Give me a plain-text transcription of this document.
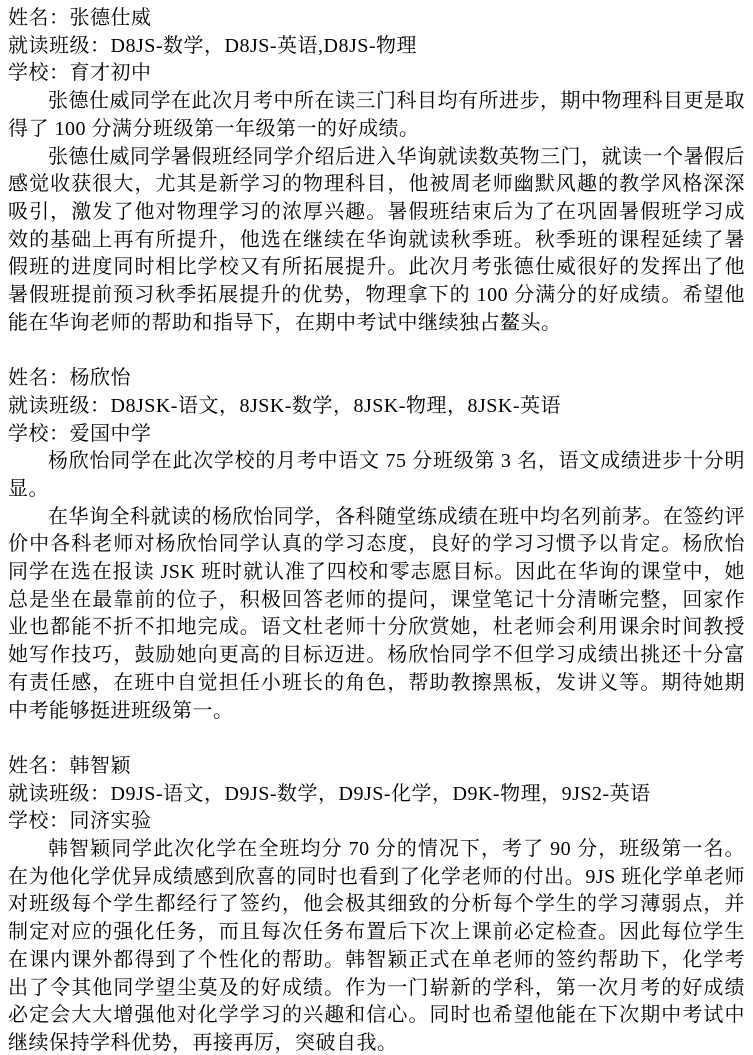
姓名：张德仕威
就读班级：D8JS-数学，D8JS-英语,D8JS-物理
学校：育才初中

张德仕威同学在此次月考中所在读三门科目均有所进步，期中物理科目更是取得了 100 分满分班级第一年级第一的好成绩。

张德仕威同学暑假班经同学介绍后进入华询就读数英物三门，就读一个暑假后感觉收获很大，尤其是新学习的物理科目，他被周老师幽默风趣的教学风格深深吸引，激发了他对物理学习的浓厚兴趣。暑假班结束后为了在巩固暑假班学习成效的基础上再有所提升，他选在继续在华询就读秋季班。秋季班的课程延续了暑假班的进度同时相比学校又有所拓展提升。此次月考张德仕威很好的发挥出了他暑假班提前预习秋季拓展提升的优势，物理拿下的 100 分满分的好成绩。希望他能在华询老师的帮助和指导下，在期中考试中继续独占鳌头。

姓名：杨欣怡
就读班级：D8JSK-语文，8JSK-数学，8JSK-物理，8JSK-英语
学校：爱国中学

杨欣怡同学在此次学校的月考中语文 75 分班级第 3 名，语文成绩进步十分明显。

在华询全科就读的杨欣怡同学，各科随堂练成绩在班中均名列前茅。在签约评价中各科老师对杨欣怡同学认真的学习态度，良好的学习习惯予以肯定。杨欣怡同学在选在报读 JSK 班时就认准了四校和零志愿目标。因此在华询的课堂中，她总是坐在最靠前的位子，积极回答老师的提问，课堂笔记十分清晰完整，回家作业也都能不折不扣地完成。语文杜老师十分欣赏她，杜老师会利用课余时间教授她写作技巧，鼓励她向更高的目标迈进。杨欣怡同学不但学习成绩出挑还十分富有责任感，在班中自觉担任小班长的角色，帮助教擦黑板，发讲义等。期待她期中考能够挺进班级第一。

姓名：韩智颖
就读班级：D9JS-语文，D9JS-数学，D9JS-化学，D9K-物理，9JS2-英语
学校：同济实验

韩智颖同学此次化学在全班均分 70 分的情况下，考了 90 分，班级第一名。在为他化学优异成绩感到欣喜的同时也看到了化学老师的付出。9JS 班化学单老师对班级每个学生都经行了签约，他会极其细致的分析每个学生的学习薄弱点，并制定对应的强化任务，而且每次任务布置后下次上课前必定检查。因此每位学生在课内课外都得到了个性化的帮助。韩智颖正式在单老师的签约帮助下，化学考出了令其他同学望尘莫及的好成绩。作为一门崭新的学科，第一次月考的好成绩必定会大大增强他对化学学习的兴趣和信心。同时也希望他能在下次期中考试中继续保持学科优势，再接再厉，突破自我。
